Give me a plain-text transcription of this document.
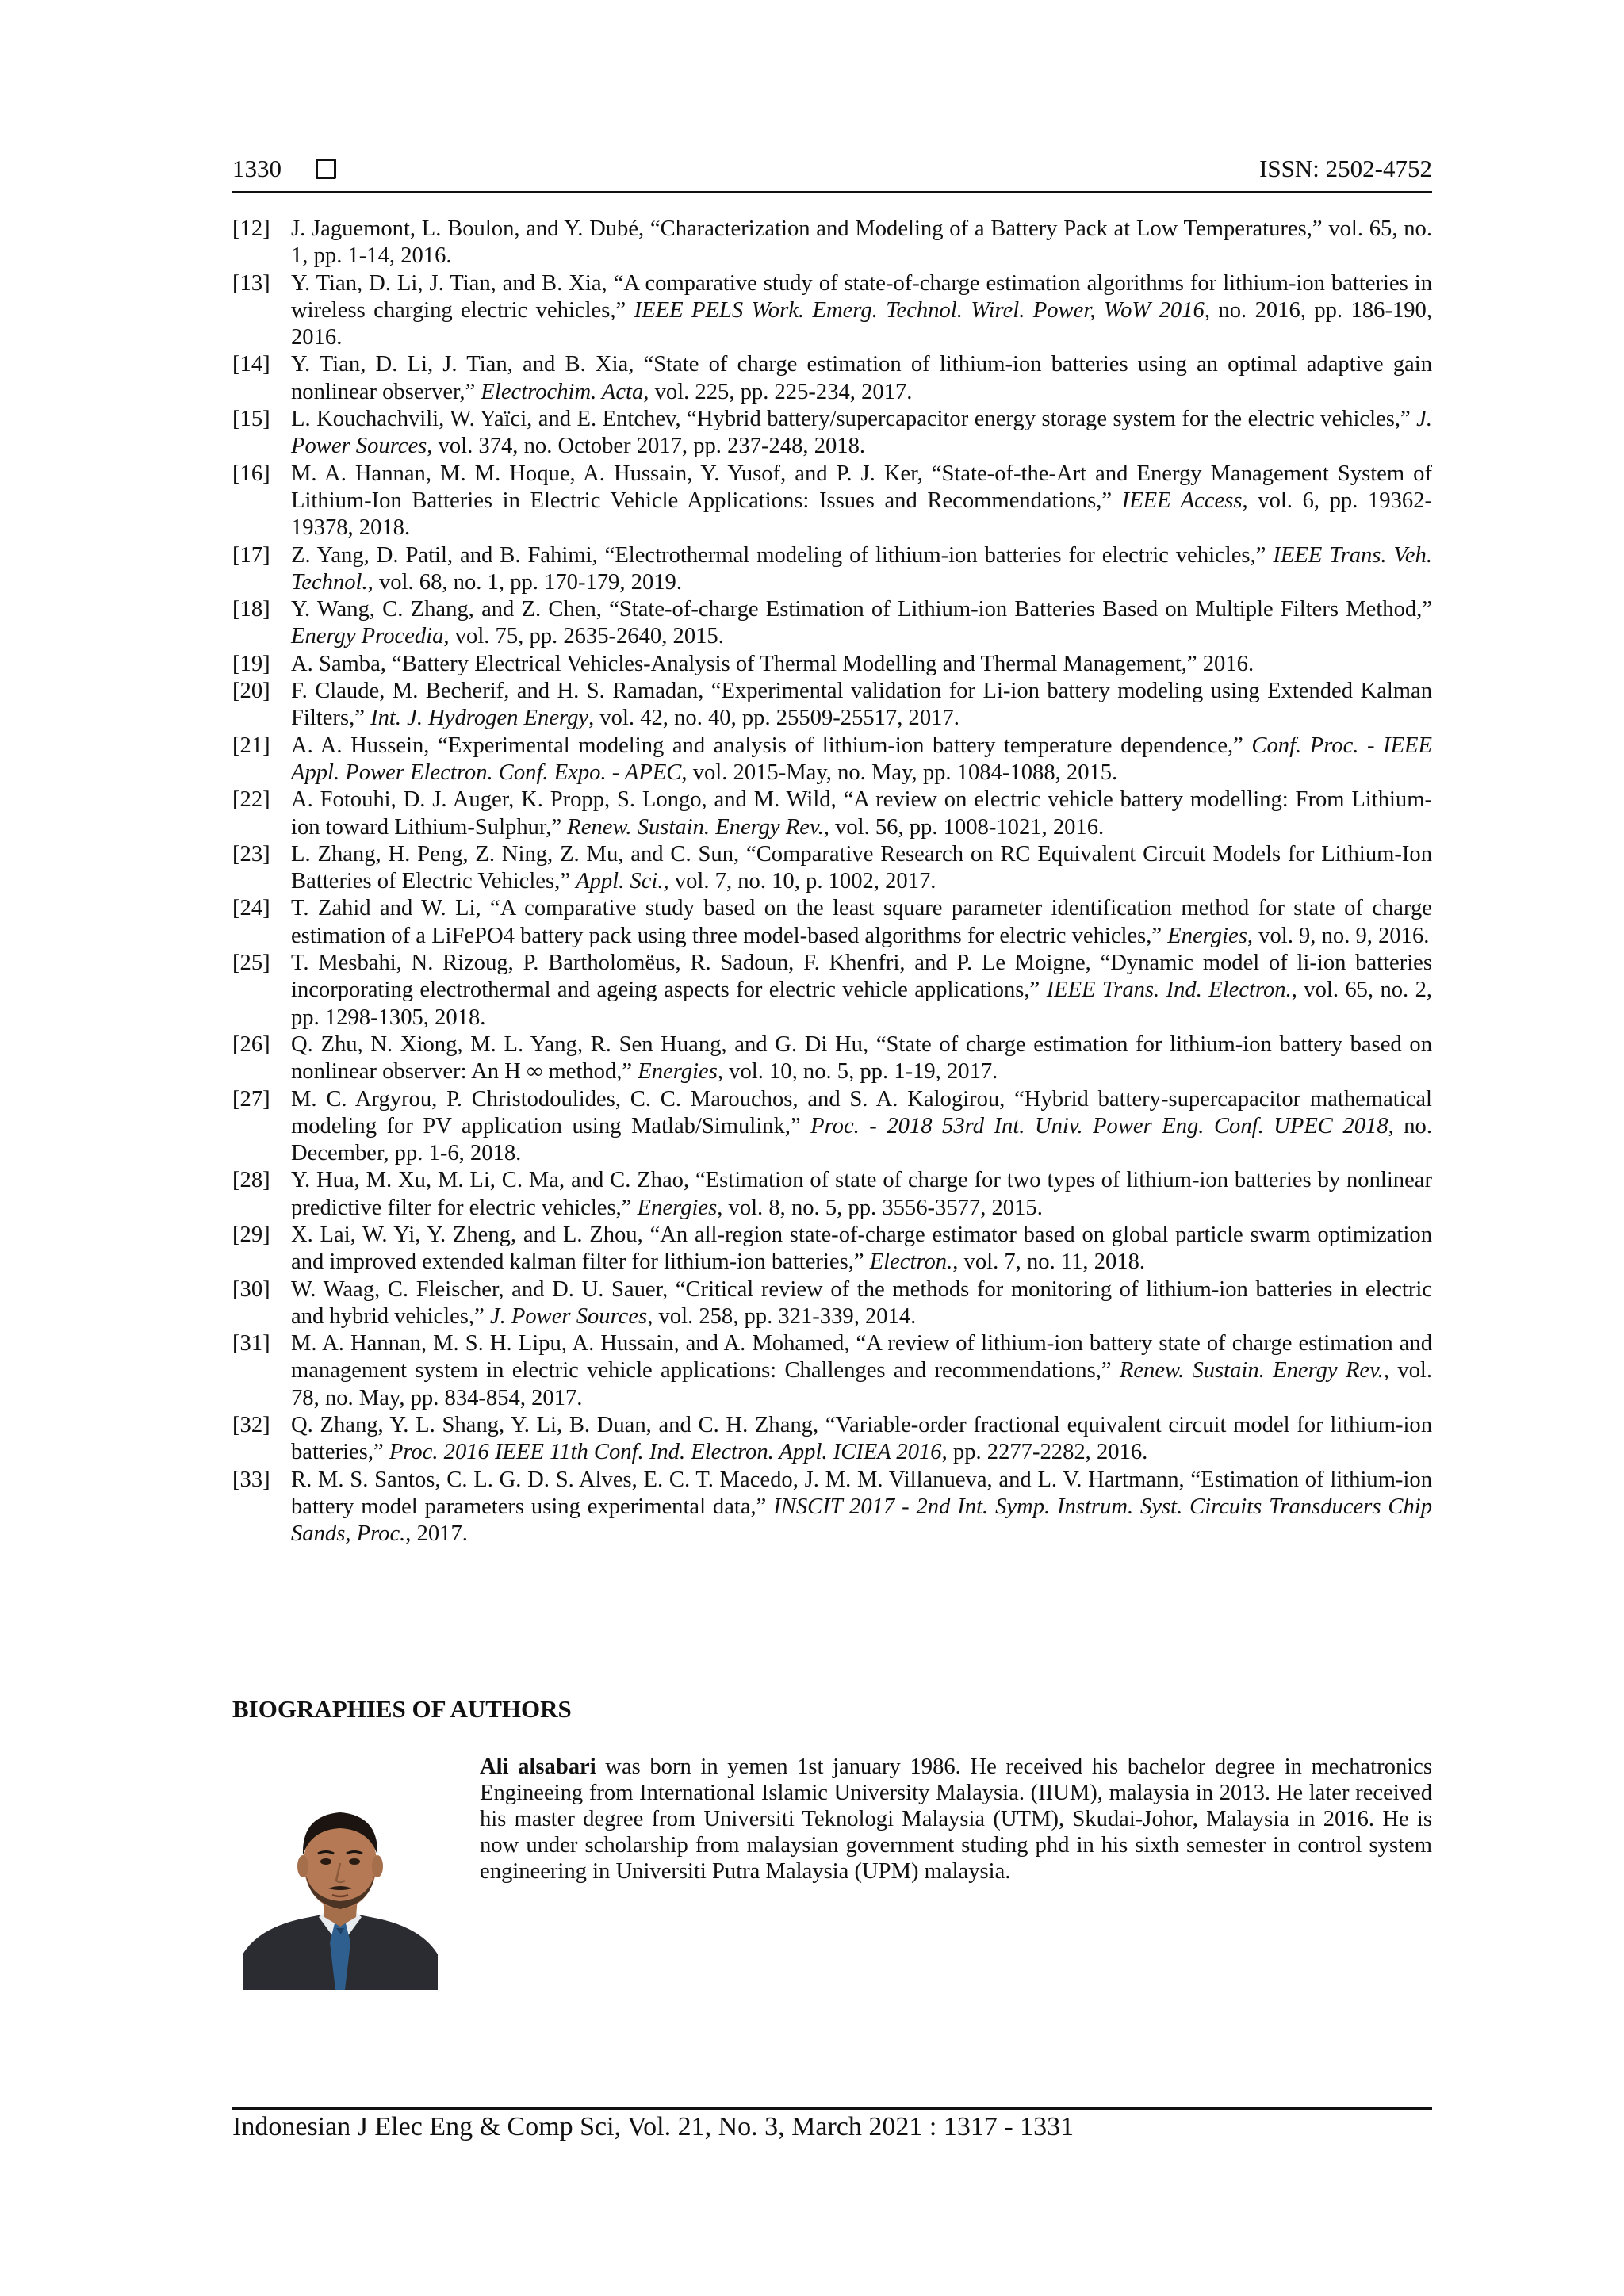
1330	ISSN: 2502-4752
[12] J. Jaguemont, L. Boulon, and Y. Dubé, “Characterization and Modeling of a Battery Pack at Low Temperatures,” vol. 65, no. 1, pp. 1-14, 2016.
[13] Y. Tian, D. Li, J. Tian, and B. Xia, “A comparative study of state-of-charge estimation algorithms for lithium-ion batteries in wireless charging electric vehicles,” IEEE PELS Work. Emerg. Technol. Wirel. Power, WoW 2016, no. 2016, pp. 186-190, 2016.
[14] Y. Tian, D. Li, J. Tian, and B. Xia, “State of charge estimation of lithium-ion batteries using an optimal adaptive gain nonlinear observer,” Electrochim. Acta, vol. 225, pp. 225-234, 2017.
[15] L. Kouchachvili, W. Yaïci, and E. Entchev, “Hybrid battery/supercapacitor energy storage system for the electric vehicles,” J. Power Sources, vol. 374, no. October 2017, pp. 237-248, 2018.
[16] M. A. Hannan, M. M. Hoque, A. Hussain, Y. Yusof, and P. J. Ker, “State-of-the-Art and Energy Management System of Lithium-Ion Batteries in Electric Vehicle Applications: Issues and Recommendations,” IEEE Access, vol. 6, pp. 19362-19378, 2018.
[17] Z. Yang, D. Patil, and B. Fahimi, “Electrothermal modeling of lithium-ion batteries for electric vehicles,” IEEE Trans. Veh. Technol., vol. 68, no. 1, pp. 170-179, 2019.
[18] Y. Wang, C. Zhang, and Z. Chen, “State-of-charge Estimation of Lithium-ion Batteries Based on Multiple Filters Method,” Energy Procedia, vol. 75, pp. 2635-2640, 2015.
[19] A. Samba, “Battery Electrical Vehicles-Analysis of Thermal Modelling and Thermal Management,” 2016.
[20] F. Claude, M. Becherif, and H. S. Ramadan, “Experimental validation for Li-ion battery modeling using Extended Kalman Filters,” Int. J. Hydrogen Energy, vol. 42, no. 40, pp. 25509-25517, 2017.
[21] A. A. Hussein, “Experimental modeling and analysis of lithium-ion battery temperature dependence,” Conf. Proc. - IEEE Appl. Power Electron. Conf. Expo. - APEC, vol. 2015-May, no. May, pp. 1084-1088, 2015.
[22] A. Fotouhi, D. J. Auger, K. Propp, S. Longo, and M. Wild, “A review on electric vehicle battery modelling: From Lithium-ion toward Lithium-Sulphur,” Renew. Sustain. Energy Rev., vol. 56, pp. 1008-1021, 2016.
[23] L. Zhang, H. Peng, Z. Ning, Z. Mu, and C. Sun, “Comparative Research on RC Equivalent Circuit Models for Lithium-Ion Batteries of Electric Vehicles,” Appl. Sci., vol. 7, no. 10, p. 1002, 2017.
[24] T. Zahid and W. Li, “A comparative study based on the least square parameter identification method for state of charge estimation of a LiFePO4 battery pack using three model-based algorithms for electric vehicles,” Energies, vol. 9, no. 9, 2016.
[25] T. Mesbahi, N. Rizoug, P. Bartholomëus, R. Sadoun, F. Khenfri, and P. Le Moigne, “Dynamic model of li-ion batteries incorporating electrothermal and ageing aspects for electric vehicle applications,” IEEE Trans. Ind. Electron., vol. 65, no. 2, pp. 1298-1305, 2018.
[26] Q. Zhu, N. Xiong, M. L. Yang, R. Sen Huang, and G. Di Hu, “State of charge estimation for lithium-ion battery based on nonlinear observer: An H ∞ method,” Energies, vol. 10, no. 5, pp. 1-19, 2017.
[27] M. C. Argyrou, P. Christodoulides, C. C. Marouchos, and S. A. Kalogirou, “Hybrid battery-supercapacitor mathematical modeling for PV application using Matlab/Simulink,” Proc. - 2018 53rd Int. Univ. Power Eng. Conf. UPEC 2018, no. December, pp. 1-6, 2018.
[28] Y. Hua, M. Xu, M. Li, C. Ma, and C. Zhao, “Estimation of state of charge for two types of lithium-ion batteries by nonlinear predictive filter for electric vehicles,” Energies, vol. 8, no. 5, pp. 3556-3577, 2015.
[29] X. Lai, W. Yi, Y. Zheng, and L. Zhou, “An all-region state-of-charge estimator based on global particle swarm optimization and improved extended kalman filter for lithium-ion batteries,” Electron., vol. 7, no. 11, 2018.
[30] W. Waag, C. Fleischer, and D. U. Sauer, “Critical review of the methods for monitoring of lithium-ion batteries in electric and hybrid vehicles,” J. Power Sources, vol. 258, pp. 321-339, 2014.
[31] M. A. Hannan, M. S. H. Lipu, A. Hussain, and A. Mohamed, “A review of lithium-ion battery state of charge estimation and management system in electric vehicle applications: Challenges and recommendations,” Renew. Sustain. Energy Rev., vol. 78, no. May, pp. 834-854, 2017.
[32] Q. Zhang, Y. L. Shang, Y. Li, B. Duan, and C. H. Zhang, “Variable-order fractional equivalent circuit model for lithium-ion batteries,” Proc. 2016 IEEE 11th Conf. Ind. Electron. Appl. ICIEA 2016, pp. 2277-2282, 2016.
[33] R. M. S. Santos, C. L. G. D. S. Alves, E. C. T. Macedo, J. M. M. Villanueva, and L. V. Hartmann, “Estimation of lithium-ion battery model parameters using experimental data,” INSCIT 2017 - 2nd Int. Symp. Instrum. Syst. Circuits Transducers Chip Sands, Proc., 2017.
BIOGRAPHIES OF AUTHORS

Ali alsabari was born in yemen 1st january 1986. He received his bachelor degree in mechatronics Engineeing from International Islamic University Malaysia. (IIUM), malaysia in 2013. He later received his master degree from Universiti Teknologi Malaysia (UTM), Skudai-Johor, Malaysia in 2016. He is now under scholarship from malaysian government studing phd in his sixth semester in control system engineering in Universiti Putra Malaysia (UPM) malaysia.

Indonesian J Elec Eng & Comp Sci, Vol. 21, No. 3, March 2021 : 1317 - 1331
